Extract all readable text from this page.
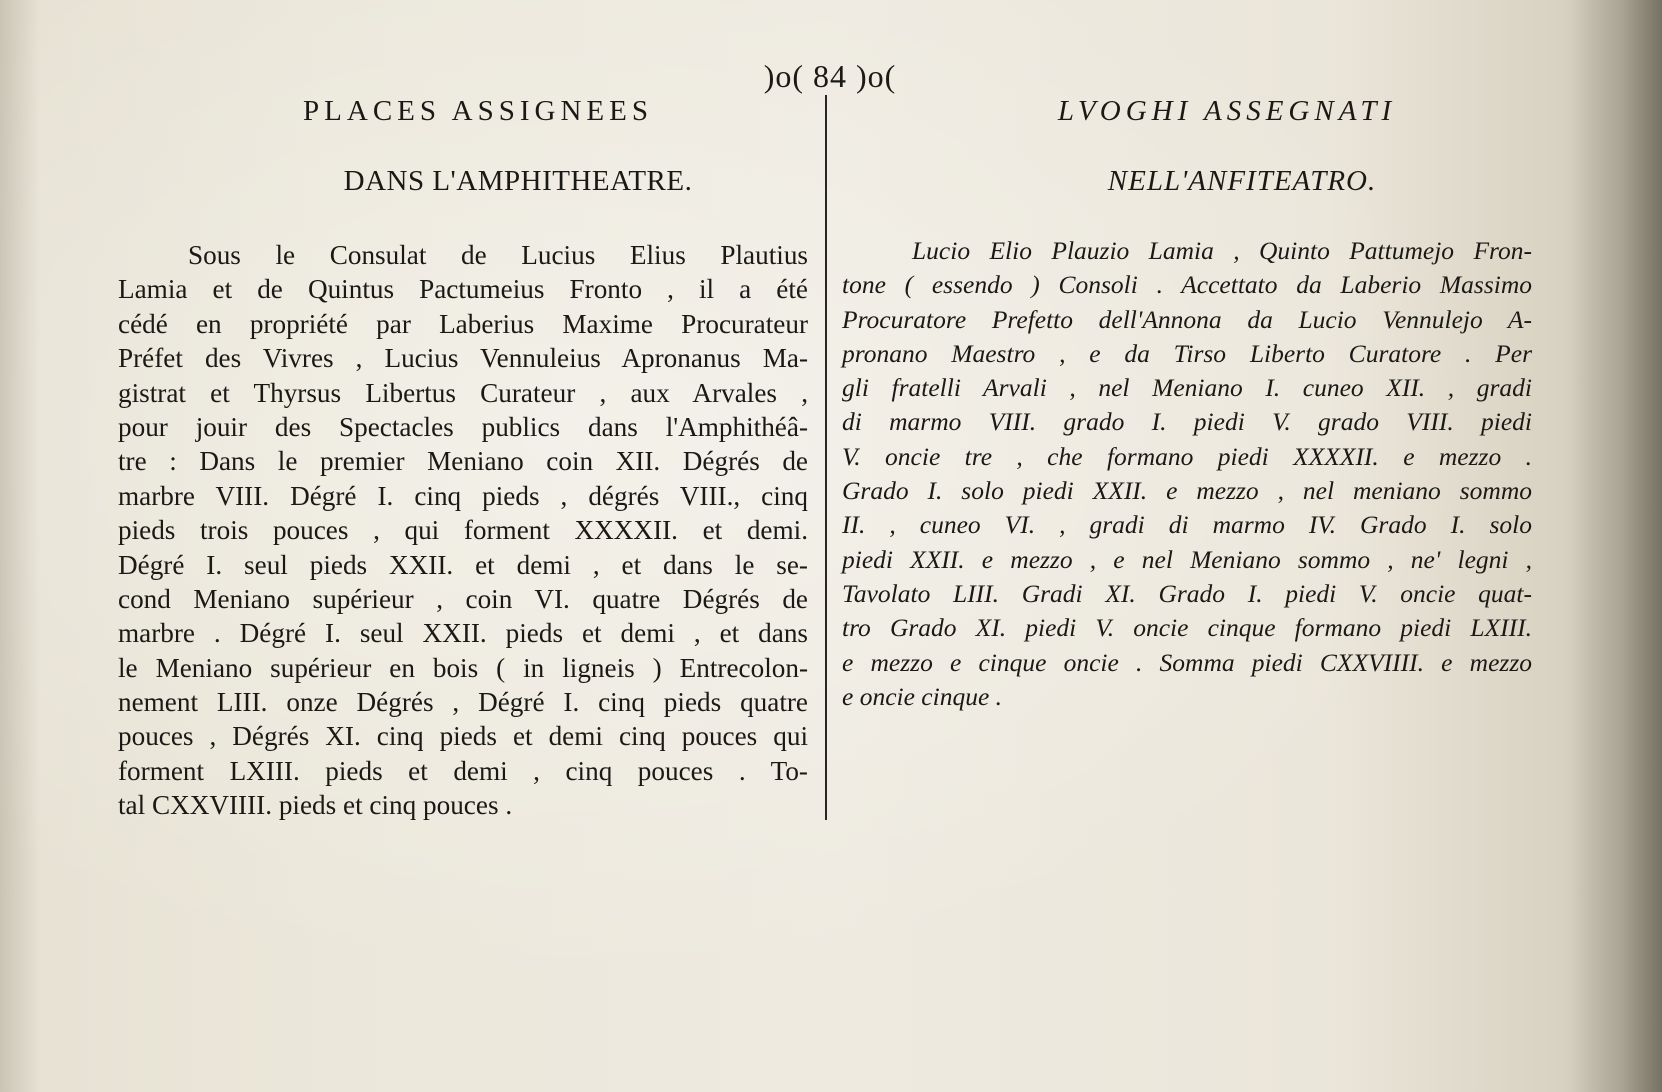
)o( 84 )o(
PLACES ASSIGNEES
DANS L'AMPHITHEATRE.
Sous le Consulat de Lucius Elius Plautius
Lamia et de Quintus Pactumeius Fronto , il a été
cédé en propriété par Laberius Maxime Procurateur
Préfet des Vivres , Lucius Vennuleius Apronanus Ma-
gistrat et Thyrsus Libertus Curateur , aux Arvales ,
pour jouir des Spectacles publics dans l'Amphithéâ-
tre : Dans le premier Meniano coin XII. Dégrés de
marbre VIII. Dégré I. cinq pieds , dégrés VIII., cinq
pieds trois pouces , qui forment XXXXII. et demi.
Dégré I. seul pieds XXII. et demi , et dans le se-
cond Meniano supérieur , coin VI. quatre Dégrés de
marbre . Dégré I. seul XXII. pieds et demi , et dans
le Meniano supérieur en bois ( in ligneis ) Entrecolon-
nement LIII. onze Dégrés , Dégré I. cinq pieds quatre
pouces , Dégrés XI. cinq pieds et demi cinq pouces qui
forment LXIII. pieds et demi , cinq pouces . To-
tal CXXVIIII. pieds et cinq pouces .
LVOGHI ASSEGNATI
NELL'ANFITEATRO.
Lucio Elio Plauzio Lamia , Quinto Pattumejo Fron-
tone ( essendo ) Consoli . Accettato da Laberio Massimo
Procuratore Prefetto dell'Annona da Lucio Vennulejo A-
pronano Maestro , e da Tirso Liberto Curatore . Per
gli fratelli Arvali , nel Meniano I. cuneo XII. , gradi
di marmo VIII. grado I. piedi V. grado VIII. piedi
V. oncie tre , che formano piedi XXXXII. e mezzo .
Grado I. solo piedi XXII. e mezzo , nel meniano sommo
II. , cuneo VI. , gradi di marmo IV. Grado I. solo
piedi XXII. e mezzo , e nel Meniano sommo , ne' legni ,
Tavolato LIII. Gradi XI. Grado I. piedi V. oncie quat-
tro Grado XI. piedi V. oncie cinque formano piedi LXIII.
e mezzo e cinque oncie . Somma piedi CXXVIIII. e mezzo
e oncie cinque .
